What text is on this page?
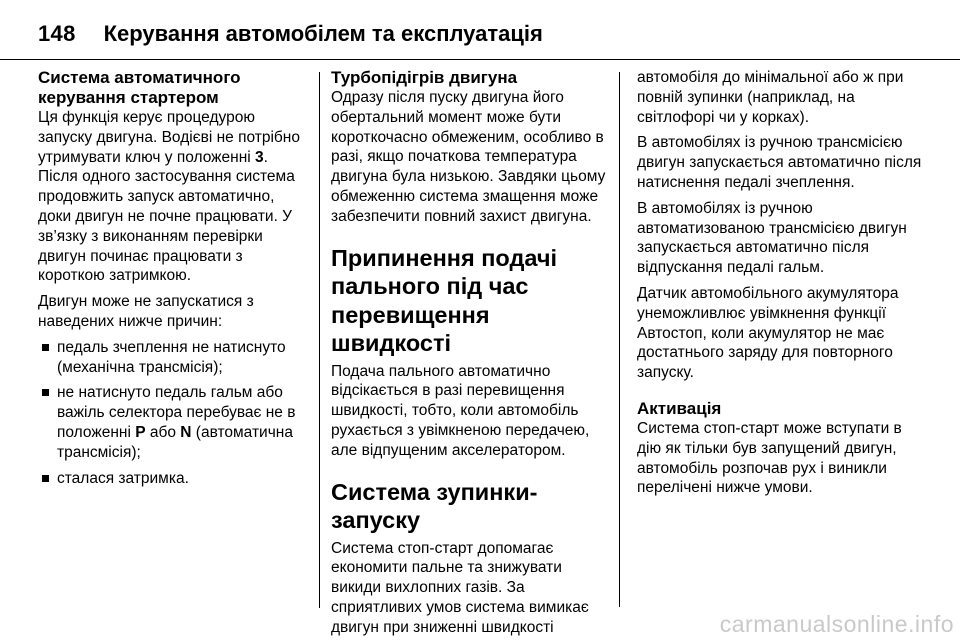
148 Керування автомобілем та експлуатація
Система автоматичного керування стартером

Ця функція керує процедурою запуску двигуна. Водієві не потрібно утримувати ключ у положенні 3. Після одного застосування система продовжить запуск автоматично, доки двигун не почне працювати. У зв’язку з виконанням перевірки двигун починає працювати з короткою затримкою.

Двигун може не запускатися з наведених нижче причин:

педаль зчеплення не натиснуто (механічна трансмісія);
не натиснуто педаль гальм або важіль селектора перебуває не в положенні P або N (автоматична трансмісія);
сталася затримка.
Турбопідігрів двигуна

Одразу після пуску двигуна його обертальний момент може бути короткочасно обмеженим, особливо в разі, якщо початкова температура двигуна була низькою. Завдяки цьому обмеженню система змащення може забезпечити повний захист двигуна.

Припинення подачі пального під час перевищення швидкості

Подача пального автоматично відсікається в разі перевищення швидкості, тобто, коли автомобіль рухається з увімкненою передачею, але відпущеним акселератором.

Система зупинки-запуску

Система стоп-старт допомагає економити пальне та знижувати викиди вихлопних газів. За сприятливих умов система вимикає двигун при зниженні швидкості

автомобіля до мінімальної або ж при повній зупинки (наприклад, на світлофорі чи у корках).

В автомобілях із ручною трансмісією двигун запускається автоматично після натиснення педалі зчеплення.

В автомобілях із ручною автоматизованою трансмісією двигун запускається автоматично після відпускання педалі гальм.

Датчик автомобільного акумулятора унеможливлює увімкнення функції Автостоп, коли акумулятор не має достатнього заряду для повторного запуску.

Активація

Система стоп-старт може вступати в дію як тільки був запущений двигун, автомобіль розпочав рух і виникли перелічені нижче умови.

carmanualsonline.info
